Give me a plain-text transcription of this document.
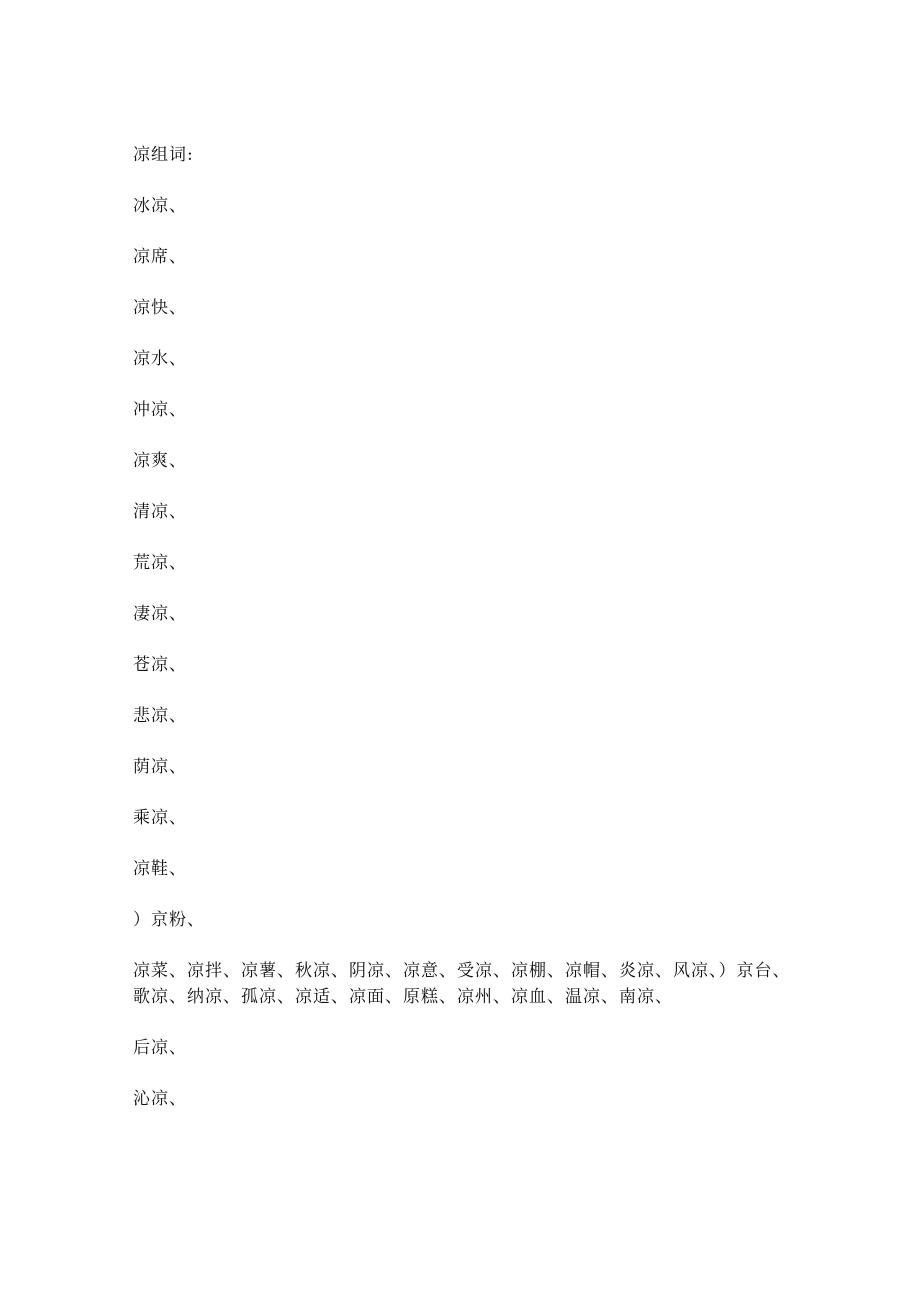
凉组词:
冰凉、
凉席、
凉快、
凉水、
冲凉、
凉爽、
清凉、
荒凉、
凄凉、
苍凉、
悲凉、
荫凉、
乘凉、
凉鞋、
）京粉、
凉菜、凉拌、凉薯、秋凉、阴凉、凉意、受凉、凉棚、凉帽、炎凉、风凉、）京台、歌凉、纳凉、孤凉、凉适、凉面、原糕、凉州、凉血、温凉、南凉、
后凉、
沁凉、
